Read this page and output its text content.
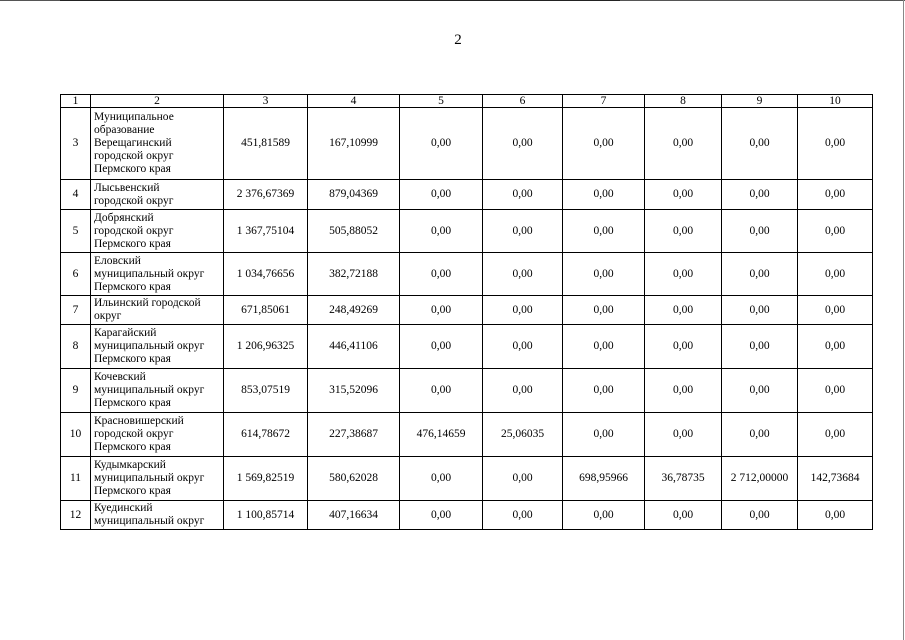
2
1	2	3	4	5	6	7	8	9	10
3	Муниципальное
образование
Верещагинский
городской округ
Пермского края	451,81589	167,10999	0,00	0,00	0,00	0,00	0,00	0,00
4	Лысьвенский
городской округ	2 376,67369	879,04369	0,00	0,00	0,00	0,00	0,00	0,00
5	Добрянский
городской округ
Пермского края	1 367,75104	505,88052	0,00	0,00	0,00	0,00	0,00	0,00
6	Еловский
муниципальный округ
Пермского края	1 034,76656	382,72188	0,00	0,00	0,00	0,00	0,00	0,00
7	Ильинский городской
округ	671,85061	248,49269	0,00	0,00	0,00	0,00	0,00	0,00
8	Карагайский
муниципальный округ
Пермского края	1 206,96325	446,41106	0,00	0,00	0,00	0,00	0,00	0,00
9	Кочевский
муниципальный округ
Пермского края	853,07519	315,52096	0,00	0,00	0,00	0,00	0,00	0,00
10	Красновишерский
городской округ
Пермского края	614,78672	227,38687	476,14659	25,06035	0,00	0,00	0,00	0,00
11	Кудымкарский
муниципальный округ
Пермского края	1 569,82519	580,62028	0,00	0,00	698,95966	36,78735	2 712,00000	142,73684
12	Куединский
муниципальный округ	1 100,85714	407,16634	0,00	0,00	0,00	0,00	0,00	0,00
